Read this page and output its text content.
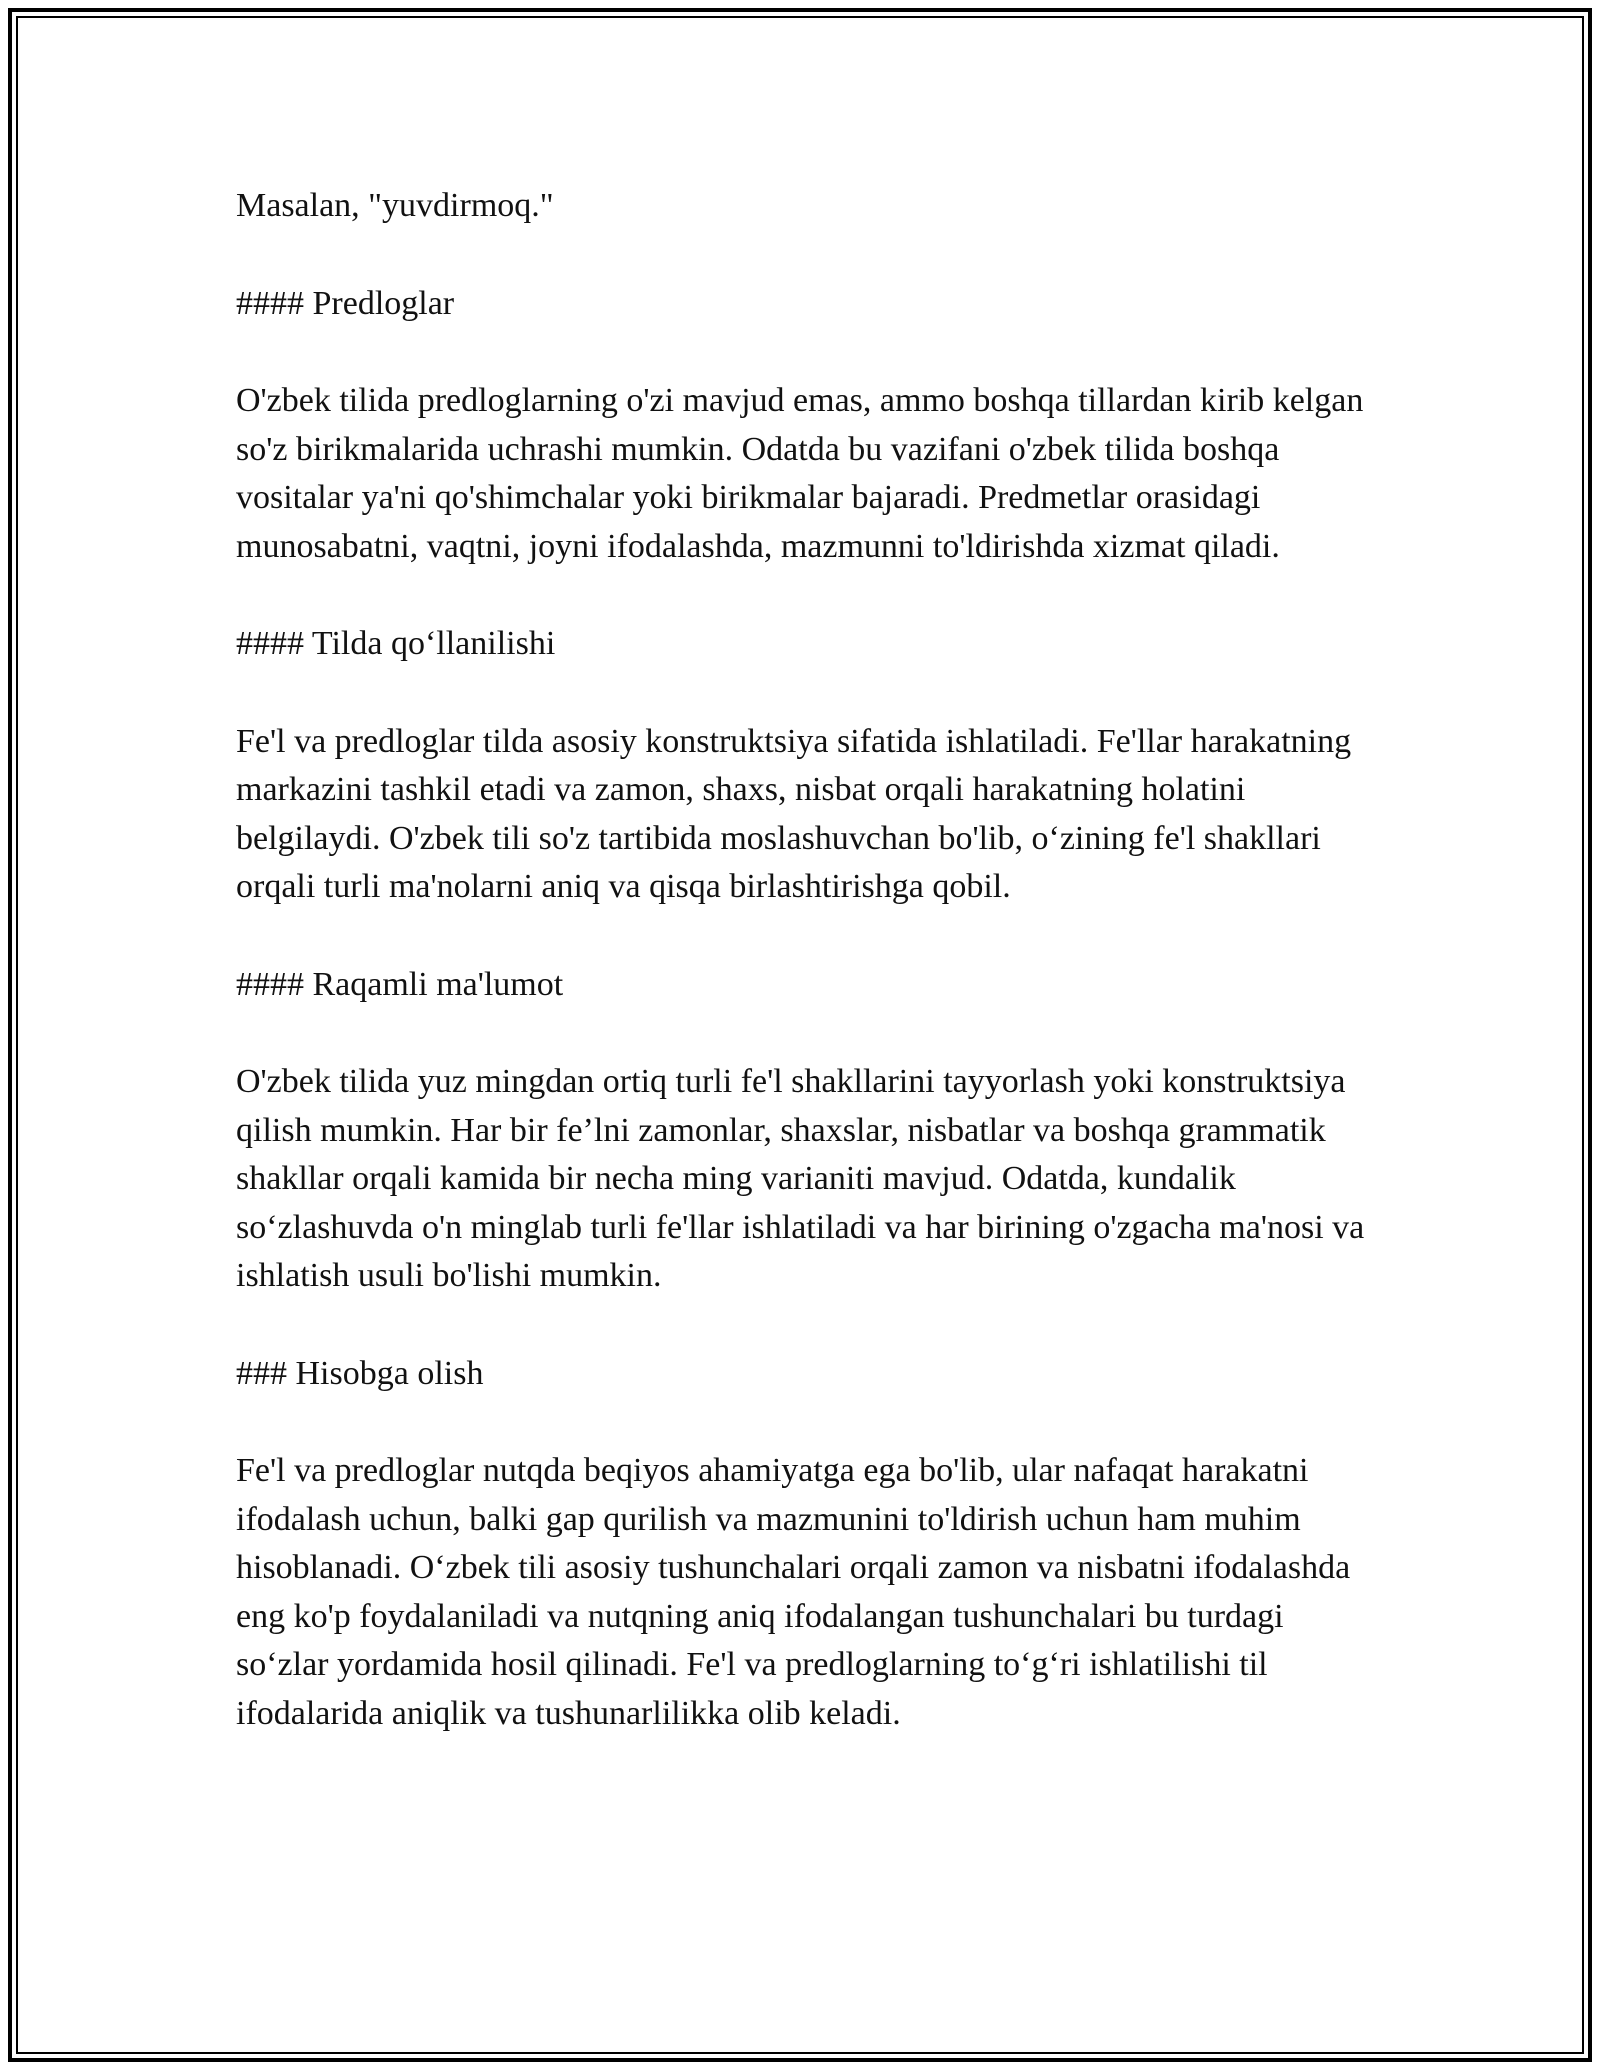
Masalan, "yuvdirmoq."

#### Predloglar

O'zbek tilida predloglarning o'zi mavjud emas, ammo boshqa tillardan kirib kelgan so'z birikmalarida uchrashi mumkin. Odatda bu vazifani o'zbek tilida boshqa vositalar ya'ni qo'shimchalar yoki birikmalar bajaradi. Predmetlar orasidagi munosabatni, vaqtni, joyni ifodalashda, mazmunni to'ldirishda xizmat qiladi.

#### Tilda qo‘llanilishi

Fe'l va predloglar tilda asosiy konstruktsiya sifatida ishlatiladi. Fe'llar harakatning markazini tashkil etadi va zamon, shaxs, nisbat orqali harakatning holatini belgilaydi. O'zbek tili so'z tartibida moslashuvchan bo'lib, o‘zining fe'l shakllari orqali turli ma'nolarni aniq va qisqa birlashtirishga qobil.

#### Raqamli ma'lumot

O'zbek tilida yuz mingdan ortiq turli fe'l shakllarini tayyorlash yoki konstruktsiya qilish mumkin. Har bir fe’lni zamonlar, shaxslar, nisbatlar va boshqa grammatik shakllar orqali kamida bir necha ming varianiti mavjud. Odatda, kundalik so‘zlashuvda o'n minglab turli fe'llar ishlatiladi va har birining o'zgacha ma'nosi va ishlatish usuli bo'lishi mumkin.

### Hisobga olish

Fe'l va predloglar nutqda beqiyos ahamiyatga ega bo'lib, ular nafaqat harakatni ifodalash uchun, balki gap qurilish va mazmunini to'ldirish uchun ham muhim hisoblanadi. O‘zbek tili asosiy tushunchalari orqali zamon va nisbatni ifodalashda eng ko'p foydalaniladi va nutqning aniq ifodalangan tushunchalari bu turdagi so‘zlar yordamida hosil qilinadi. Fe'l va predloglarning to‘g‘ri ishlatilishi til ifodalarida aniqlik va tushunarlilikka olib keladi.
